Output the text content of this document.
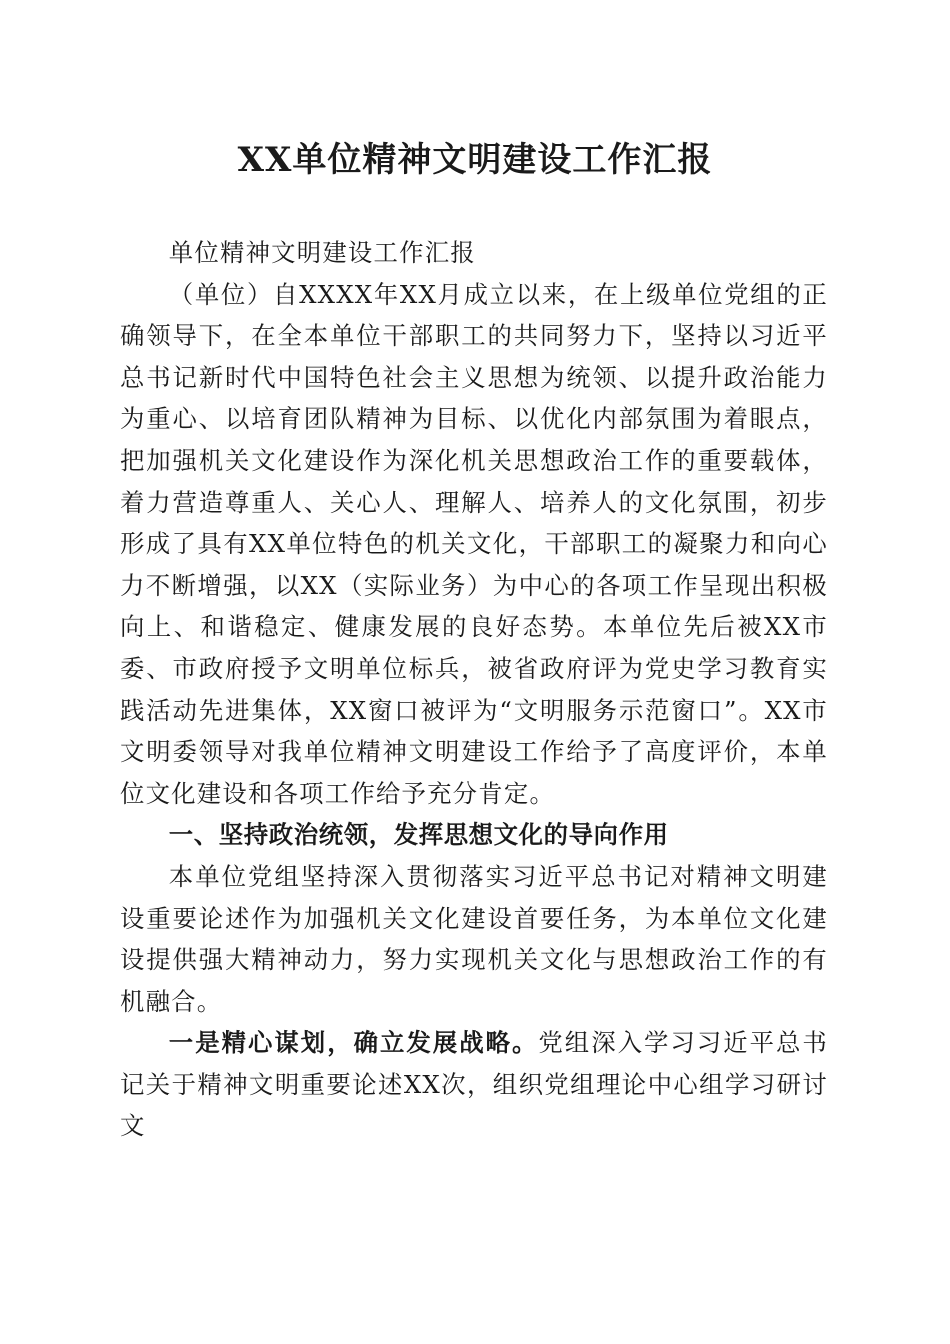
XX单位精神文明建设工作汇报

单位精神文明建设工作汇报

（单位）自XXXX年XX月成立以来，在上级单位党组的正确领导下，在全本单位干部职工的共同努力下，坚持以习近平总书记新时代中国特色社会主义思想为统领、以提升政治能力为重心、以培育团队精神为目标、以优化内部氛围为着眼点，把加强机关文化建设作为深化机关思想政治工作的重要载体，着力营造尊重人、关心人、理解人、培养人的文化氛围，初步形成了具有XX单位特色的机关文化，干部职工的凝聚力和向心力不断增强，以XX（实际业务）为中心的各项工作呈现出积极向上、和谐稳定、健康发展的良好态势。本单位先后被XX市委、市政府授予文明单位标兵，被省政府评为党史学习教育实践活动先进集体，XX窗口被评为“文明服务示范窗口”。XX市文明委领导对我单位精神文明建设工作给予了高度评价，本单位文化建设和各项工作给予充分肯定。

一、坚持政治统领，发挥思想文化的导向作用

本单位党组坚持深入贯彻落实习近平总书记对精神文明建设重要论述作为加强机关文化建设首要任务，为本单位文化建设提供强大精神动力，努力实现机关文化与思想政治工作的有机融合。

一是精心谋划，确立发展战略。党组深入学习习近平总书记关于精神文明重要论述XX次，组织党组理论中心组学习研讨文
